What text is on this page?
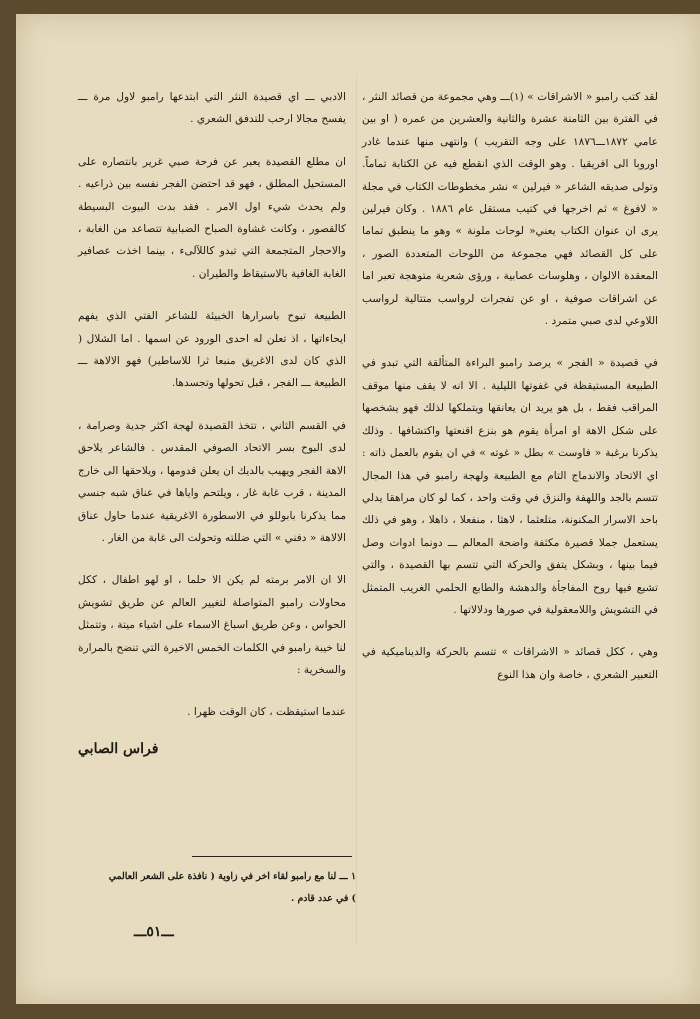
لقد كتب رامبو « الاشراقات » (١)ـــ وهي مجموعة من قصائد النثر ، في الفترة بين الثامنة عشرة والثانية والعشرين من عمره ( او بين عامي ١٨٧٢ـــ١٨٧٦ على وجه التقريب ) وانتهى منها عندما غادر اوروبا الى افريقيا . وهو الوقت الذي انقطع فيه عن الكتابة تماماً. وتولى صديقه الشاعر « فيرلين » نشر مخطوطات الكتاب في مجلة « لافوغ » ثم اخرجها في كتيب مستقل عام ١٨٨٦ . وكان فيرلين يرى ان عنوان الكتاب يعني« لوحات ملونة » وهو ما ينطبق تماما على كل القصائد فهي مجموعة من اللوحات المتعددة الصور ، المعقدة الالوان ، وهلوسات عصابية ، ورؤى شعرية متوهجة تعبر اما عن اشراقات صوفية ، او عن تفجرات لرواسب متتالية لرواسب اللاوعي لدى صبي متمرد .

في قصيدة « الفجر » يرصد رامبو البراءة المتألقة التي تبدو في الطبيعة المستيقظة في غفوتها الليلية . الا انه لا يقف منها موقف المراقب فقط ، بل هو يريد ان يعانقها ويتملكها لذلك فهو يشخصها على شكل الاهة او امرأة يقوم هو بنزع اقنعتها واكتشافها . وذلك يذكرنا برغبة « فاوست » بطل « غوته » في ان يقوم بالعمل ذاته : اي الاتحاد والاندماج التام مع الطبيعة ولهجة رامبو في هذا المجال تتسم بالجد واللهفة والنزق في وقت واحد ، كما لو كان مراهقا يدلي باحد الاسرار المكنونة، متلعثما ، لاهثا ، منفعلا ، ذاهلا ، وهو في ذلك يستعمل جملا قصيرة مكثفة واضحة المعالم ـــ دونما ادوات وصل فيما بينها ، وبشكل يتفق والحركة التي تتسم بها القصيدة ، والتي تشيع فيها روح المفاجأة والدهشة والطابع الحلمي الغريب المتمثل في التشويش واللامعقولية في صورها ودلالاتها .

وهي ، ككل قصائد « الاشراقات » تتسم بالحركة والديناميكية في التعبير الشعري ، خاصة وان هذا النوع

الادبي ـــ اي قصيدة النثر التي ابتدعها رامبو لاول مرة ـــ يفسح مجالا ارحب للتدفق الشعري .

ان مطلع القصيدة يعبر عن فرحة صبي غرير بانتصاره على المستحيل المطلق ، فهو قد احتضن الفجر نفسه بين ذراعيه . ولم يحدث شيء اول الامر . فقد بدت البيوت البسيطة كالقصور ، وكانت غشاوة الصباح الضبابية تتصاعد من الغابة ، والاحجار المتجمعة التي تبدو كاللآلىء ، بينما اخذت عصافير الغابة الغافية بالاستيقاظ والطيران .

الطبيعة تبوح باسرارها الخبيئة للشاعر الفتي الذي يفهم ايحاءاتها ، اذ تعلن له احدى الورود عن اسمها . اما الشلال ( الذي كان لدى الاغريق منبعا ثرا للاساطير) فهو الالاهة ـــ الطبيعة ـــ الفجر ، قبل تحولها وتجسدها.

في القسم الثاني ، تتخذ القصيدة لهجة اكثر جدية وصرامة ، لدى البوح بسر الاتحاد الصوفي المقدس . فالشاعر يلاحق الاهة الفجر ويهيب بالديك ان يعلن قدومها ، ويلاحقها الى خارج المدينة ، قرب غابة غار ، ويلتحم واياها في عناق شبه جنسي مما يذكرنا بابوللو في الاسطورة الاغريقية عندما حاول عناق الالاهة « دفني » التي ضللته وتحولت الى غابة من الغار .

الا ان الامر برمته لم يكن الا حلما ، او لهو اطفال ، ككل محاولات رامبو المتواصلة لتغيير العالم عن طريق تشويش الحواس ، وعن طريق اسباغ الاسماء على اشياء ميتة ، وتتمثل لنا خيبة رامبو في الكلمات الخمس الاخيرة التي تنضح بالمرارة والسخرية :

عندما استيقظت ، كان الوقت ظهرا .

فراس الصابي
١ ـــ لنا مع رامبو لقاء اخر في زاوية ( نافذة على الشعر العالمي ) في عدد قادم .
ـــ٥١ـــ
